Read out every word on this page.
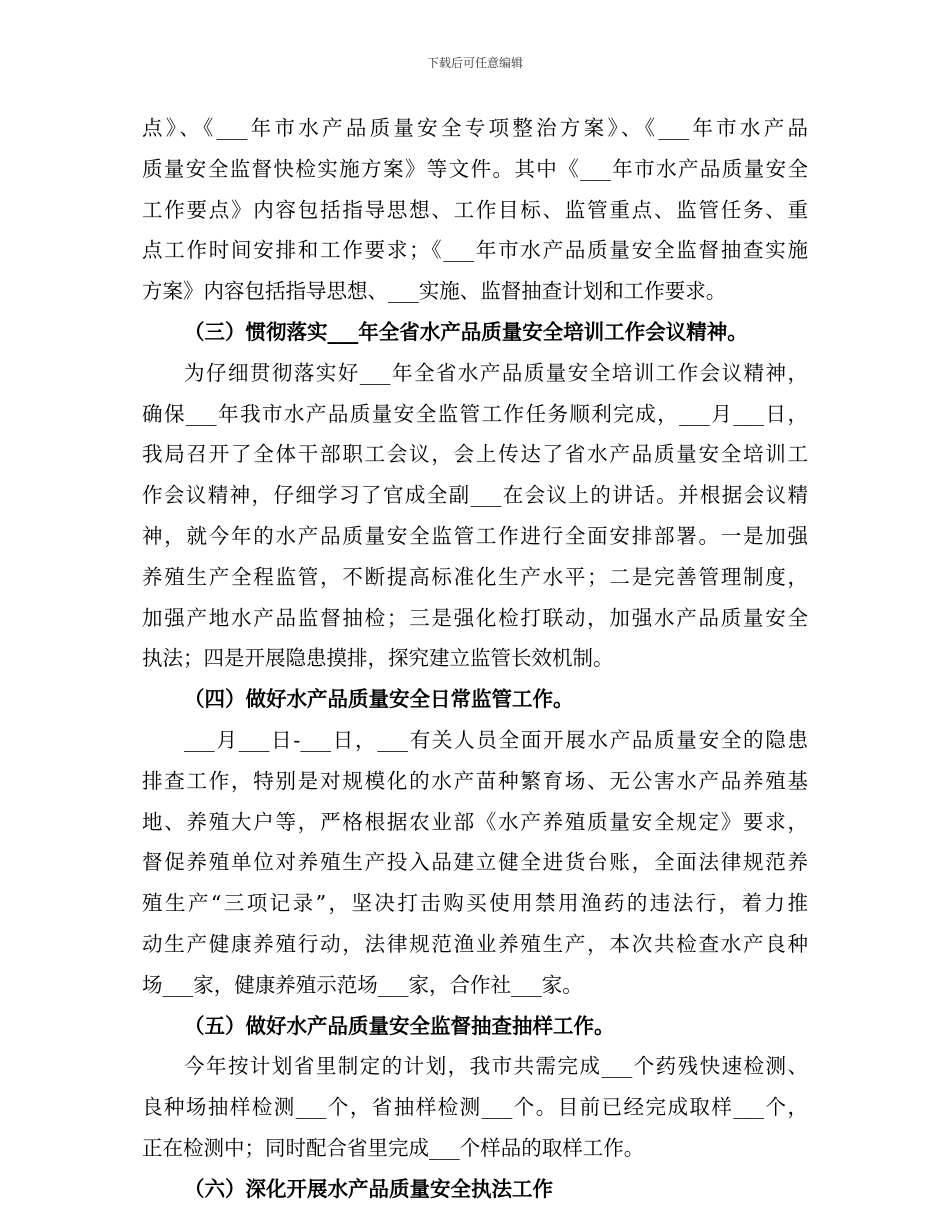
下载后可任意编辑
点》、《___年市水产品质量安全专项整治方案》、《___年市水产品
质量安全监督快检实施方案》等文件。其中《___年市水产品质量安全
工作要点》内容包括指导思想、工作目标、监管重点、监管任务、重
点工作时间安排和工作要求；《___年市水产品质量安全监督抽查实施
方案》内容包括指导思想、___实施、监督抽查计划和工作要求。
（三）惯彻落实___年全省水产品质量安全培训工作会议精神。
为仔细贯彻落实好___年全省水产品质量安全培训工作会议精神，
确保___年我市水产品质量安全监管工作任务顺利完成，___月___日，
我局召开了全体干部职工会议，会上传达了省水产品质量安全培训工
作会议精神，仔细学习了官成全副___在会议上的讲话。并根据会议精
神，就今年的水产品质量安全监管工作进行全面安排部署。一是加强
养殖生产全程监管，不断提高标准化生产水平；二是完善管理制度，
加强产地水产品监督抽检；三是强化检打联动，加强水产品质量安全
执法；四是开展隐患摸排，探究建立监管长效机制。
（四）做好水产品质量安全日常监管工作。
___月___日-___日，___有关人员全面开展水产品质量安全的隐患
排查工作，特别是对规模化的水产苗种繁育场、无公害水产品养殖基
地、养殖大户等，严格根据农业部《水产养殖质量安全规定》要求，
督促养殖单位对养殖生产投入品建立健全进货台账，全面法律规范养
殖生产“三项记录”，坚决打击购买使用禁用渔药的违法行，着力推
动生产健康养殖行动，法律规范渔业养殖生产，本次共检查水产良种
场___家，健康养殖示范场___家，合作社___家。
（五）做好水产品质量安全监督抽查抽样工作。
今年按计划省里制定的计划，我市共需完成___个药残快速检测、
良种场抽样检测___个，省抽样检测___个。目前已经完成取样___个，
正在检测中；同时配合省里完成___个样品的取样工作。
（六）深化开展水产品质量安全执法工作
